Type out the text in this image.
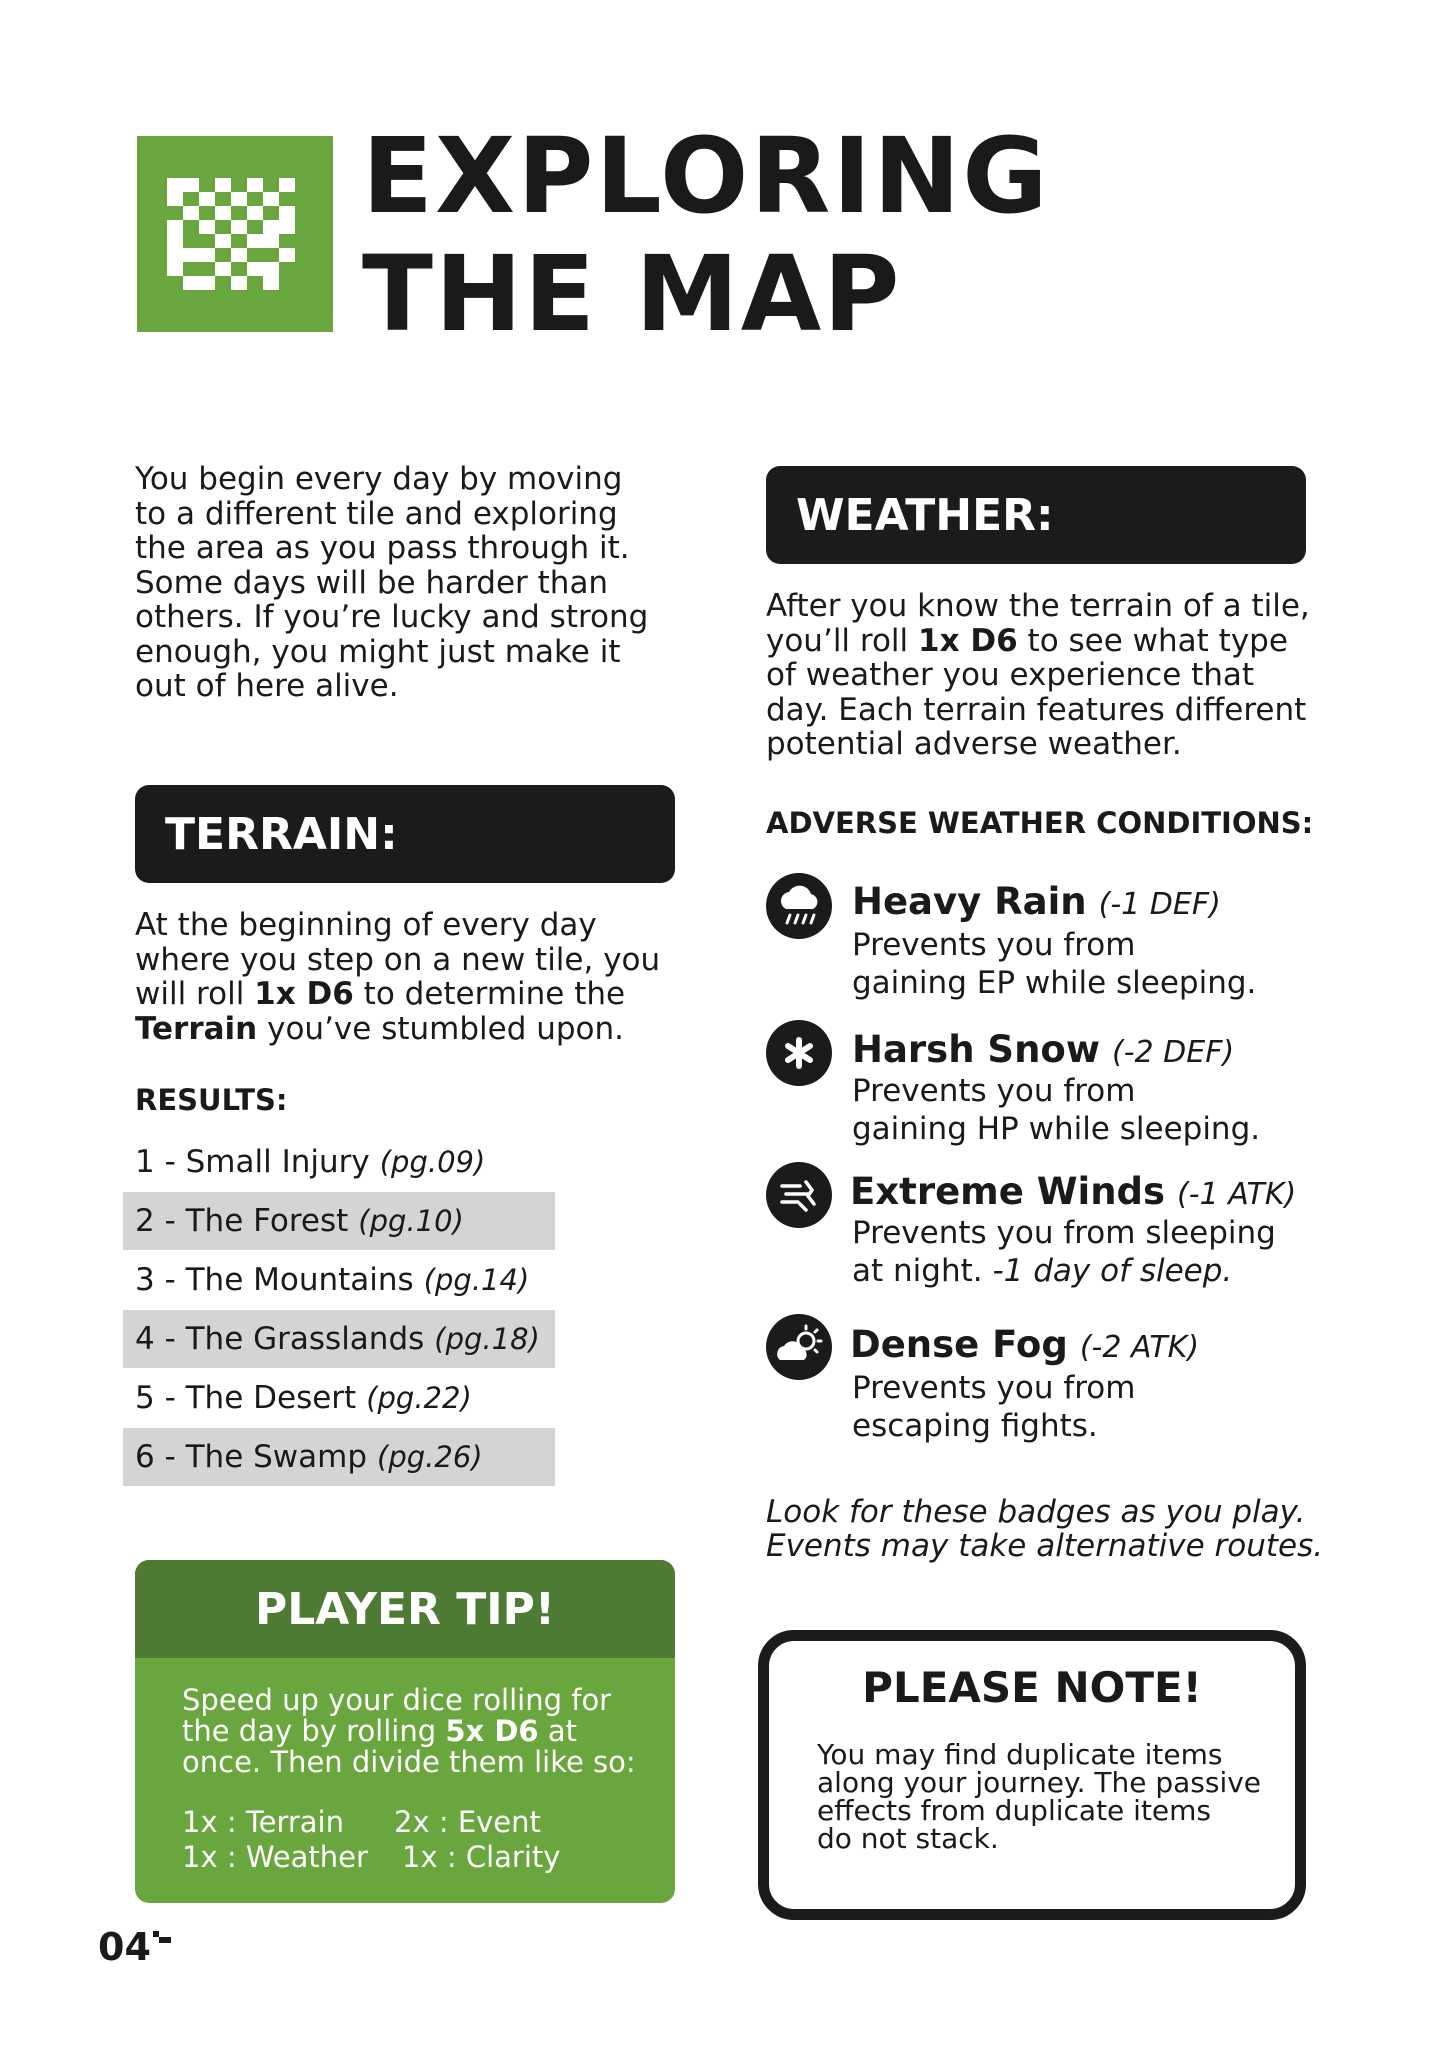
EXPLORING
THE MAP
You begin every day by moving to a different tile and exploring the area as you pass through it. Some days will be harder than others. If you’re lucky and strong enough, you might just make it out of here alive.
TERRAIN:
At the beginning of every day where you step on a new tile, you will roll 1x D6 to determine the Terrain you’ve stumbled upon.
RESULTS:
1 - Small Injury (pg.09)
2 - The Forest (pg.10)
3 - The Mountains (pg.14)
4 - The Grasslands (pg.18)
5 - The Desert (pg.22)
6 - The Swamp (pg.26)
PLAYER TIP!
Speed up your dice rolling for the day by rolling 5x D6 at once. Then divide them like so:
1x : Terrain
1x : Weather
2x : Event
1x : Clarity
04
WEATHER:
After you know the terrain of a tile, you’ll roll 1x D6 to see what type of weather you experience that day. Each terrain features different potential adverse weather.
ADVERSE WEATHER CONDITIONS:
Heavy Rain (-1 DEF)
Prevents you from
gaining EP while sleeping.
Harsh Snow (-2 DEF)
Prevents you from
gaining HP while sleeping.
Extreme Winds (-1 ATK)
Prevents you from sleeping
at night. -1 day of sleep.
Dense Fog (-2 ATK)
Prevents you from
escaping fights.
Look for these badges as you play.
Events may take alternative routes.
PLEASE NOTE!
You may find duplicate items
along your journey. The passive
effects from duplicate items
do not stack.
